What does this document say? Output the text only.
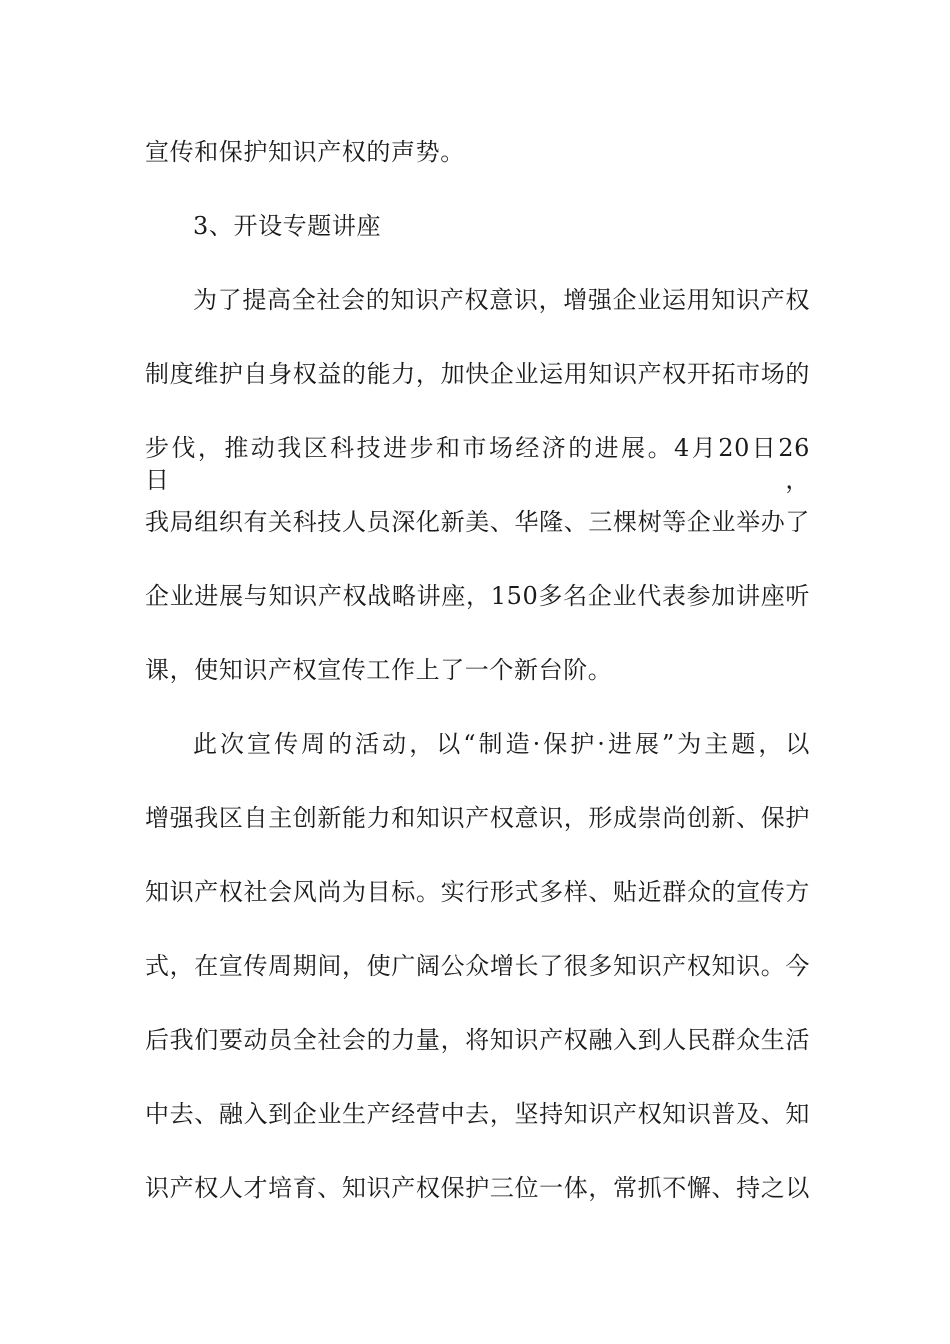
宣传和保护知识产权的声势。
3、开设专题讲座
为了提高全社会的知识产权意识，增强企业运用知识产权
制度维护自身权益的能力，加快企业运用知识产权开拓市场的
步伐，推动我区科技进步和市场经济的进展。4月20日26日，
我局组织有关科技人员深化新美、华隆、三棵树等企业举办了
企业进展与知识产权战略讲座，150多名企业代表参加讲座听
课，使知识产权宣传工作上了一个新台阶。
此次宣传周的活动，以“制造·保护·进展”为主题，以
增强我区自主创新能力和知识产权意识，形成崇尚创新、保护
知识产权社会风尚为目标。实行形式多样、贴近群众的宣传方
式，在宣传周期间，使广阔公众增长了很多知识产权知识。今
后我们要动员全社会的力量，将知识产权融入到人民群众生活
中去、融入到企业生产经营中去，坚持知识产权知识普及、知
识产权人才培育、知识产权保护三位一体，常抓不懈、持之以
